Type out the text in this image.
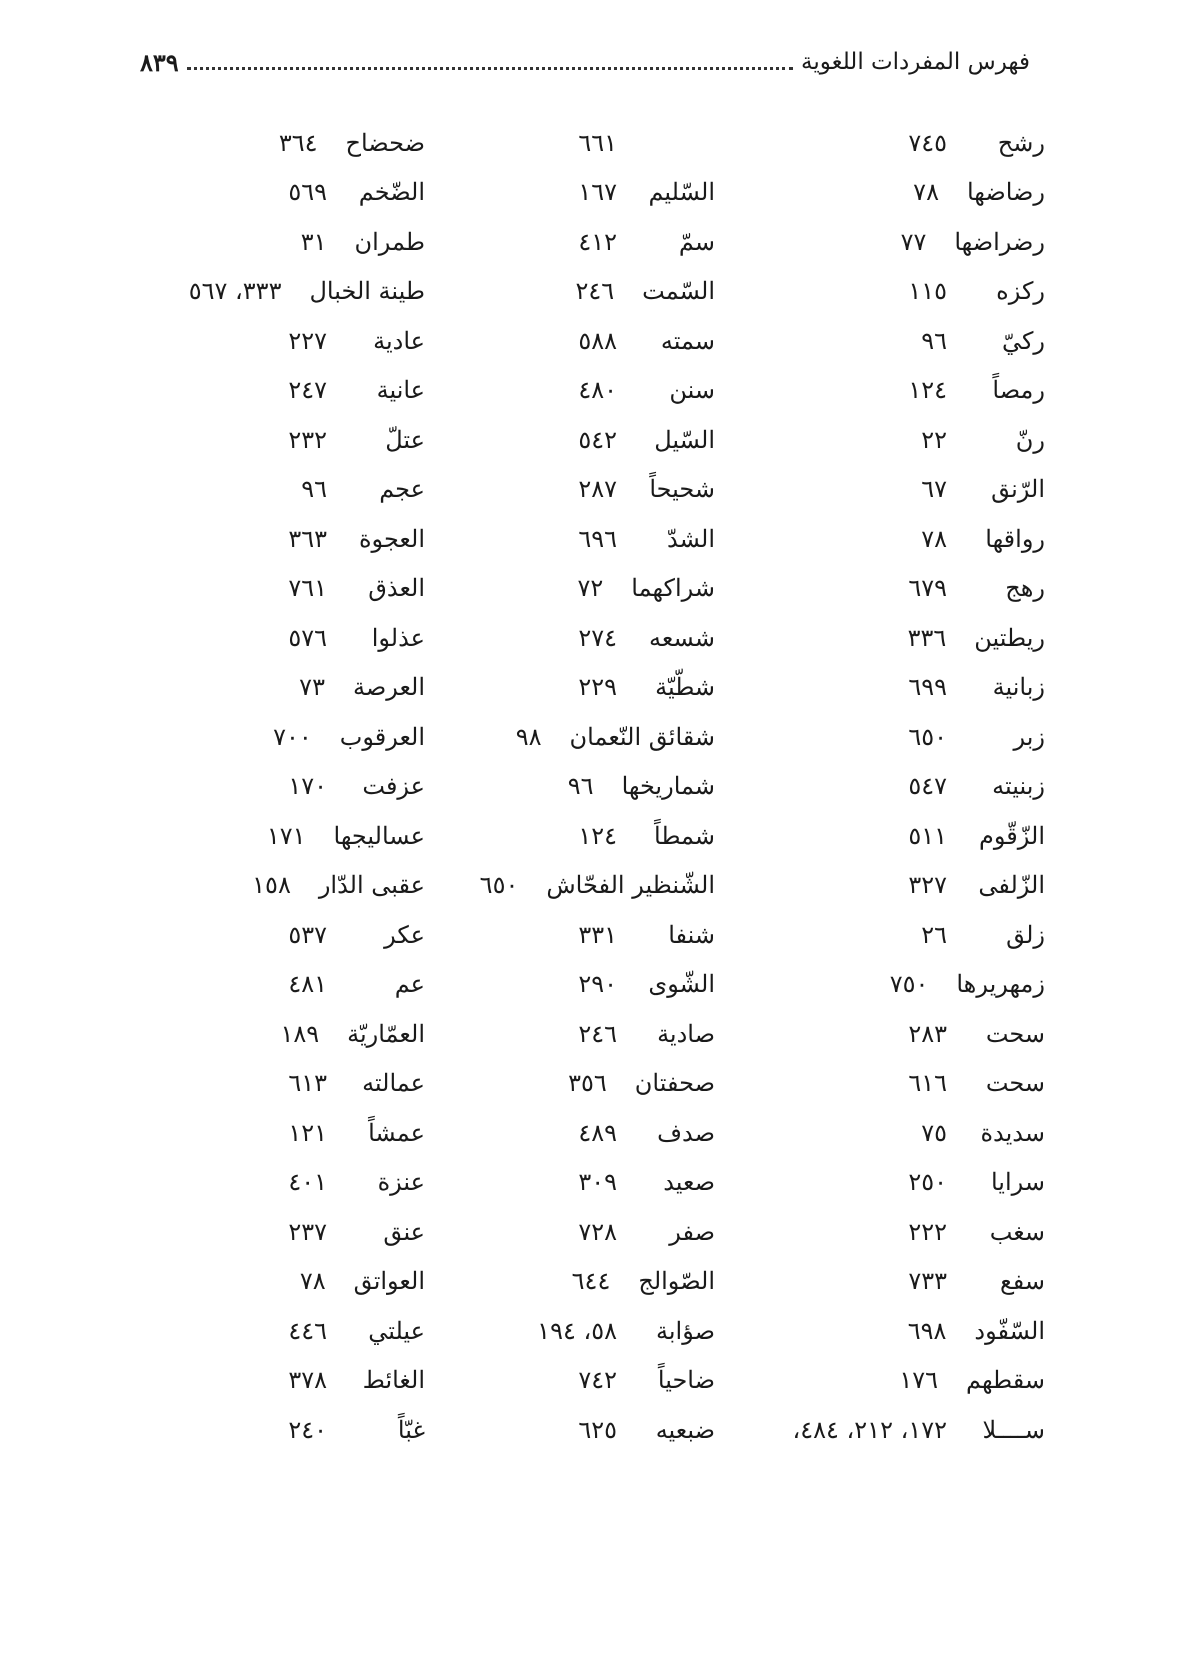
فهرس المفردات اللغوية
٨٣٩
رشح
٧٤٥
رضاضها
٧٨
رضراضها
٧٧
ركزه
١١٥
ركيّ
٩٦
رمصاً
١٢٤
رنّ
٢٢
الرّنق
٦٧
رواقها
٧٨
رهج
٦٧٩
ريطتين
٣٣٦
زبانية
٦٩٩
زبر
٦٥٠
زبنيته
٥٤٧
الزّقّوم
٥١١
الزّلفى
٣٢٧
زلق
٢٦
زمهريرها
٧٥٠
سحت
٢٨٣
سحت
٦١٦
سديدة
٧٥
سرايا
٢٥٠
سغب
٢٢٢
سفع
٧٣٣
السّفّود
٦٩٨
سقطهم
١٧٦
ســــلا
١٧٢، ٢١٢، ٤٨٤،
٦٦١
السّليم
١٦٧
سمّ
٤١٢
السّمت
٢٤٦
سمته
٥٨٨
سنن
٤٨٠
السّيل
٥٤٢
شحيحاً
٢٨٧
الشدّ
٦٩٦
شراكهما
٧٢
شسعه
٢٧٤
شطّيّة
٢٢٩
شقائق النّعمان
٩٨
شماريخها
٩٦
شمطاً
١٢٤
الشّنظير الفحّاش
٦٥٠
شنفا
٣٣١
الشّوى
٢٩٠
صادية
٢٤٦
صحفتان
٣٥٦
صدف
٤٨٩
صعيد
٣٠٩
صفر
٧٢٨
الصّوالج
٦٤٤
صؤابة
٥٨، ١٩٤
ضاحياً
٧٤٢
ضبعيه
٦٢٥
ضحضاح
٣٦٤
الضّخم
٥٦٩
طمران
٣١
طينة الخبال
٣٣٣، ٥٦٧
عادية
٢٢٧
عانية
٢٤٧
عتلّ
٢٣٢
عجم
٩٦
العجوة
٣٦٣
العذق
٧٦١
عذلوا
٥٧٦
العرصة
٧٣
العرقوب
٧٠٠
عزفت
١٧٠
عساليجها
١٧١
عقبى الدّار
١٥٨
عكر
٥٣٧
عم
٤٨١
العمّاريّة
١٨٩
عمالته
٦١٣
عمشاً
١٢١
عنزة
٤٠١
عنق
٢٣٧
العواتق
٧٨
عيلتي
٤٤٦
الغائط
٣٧٨
غبّاً
٢٤٠
